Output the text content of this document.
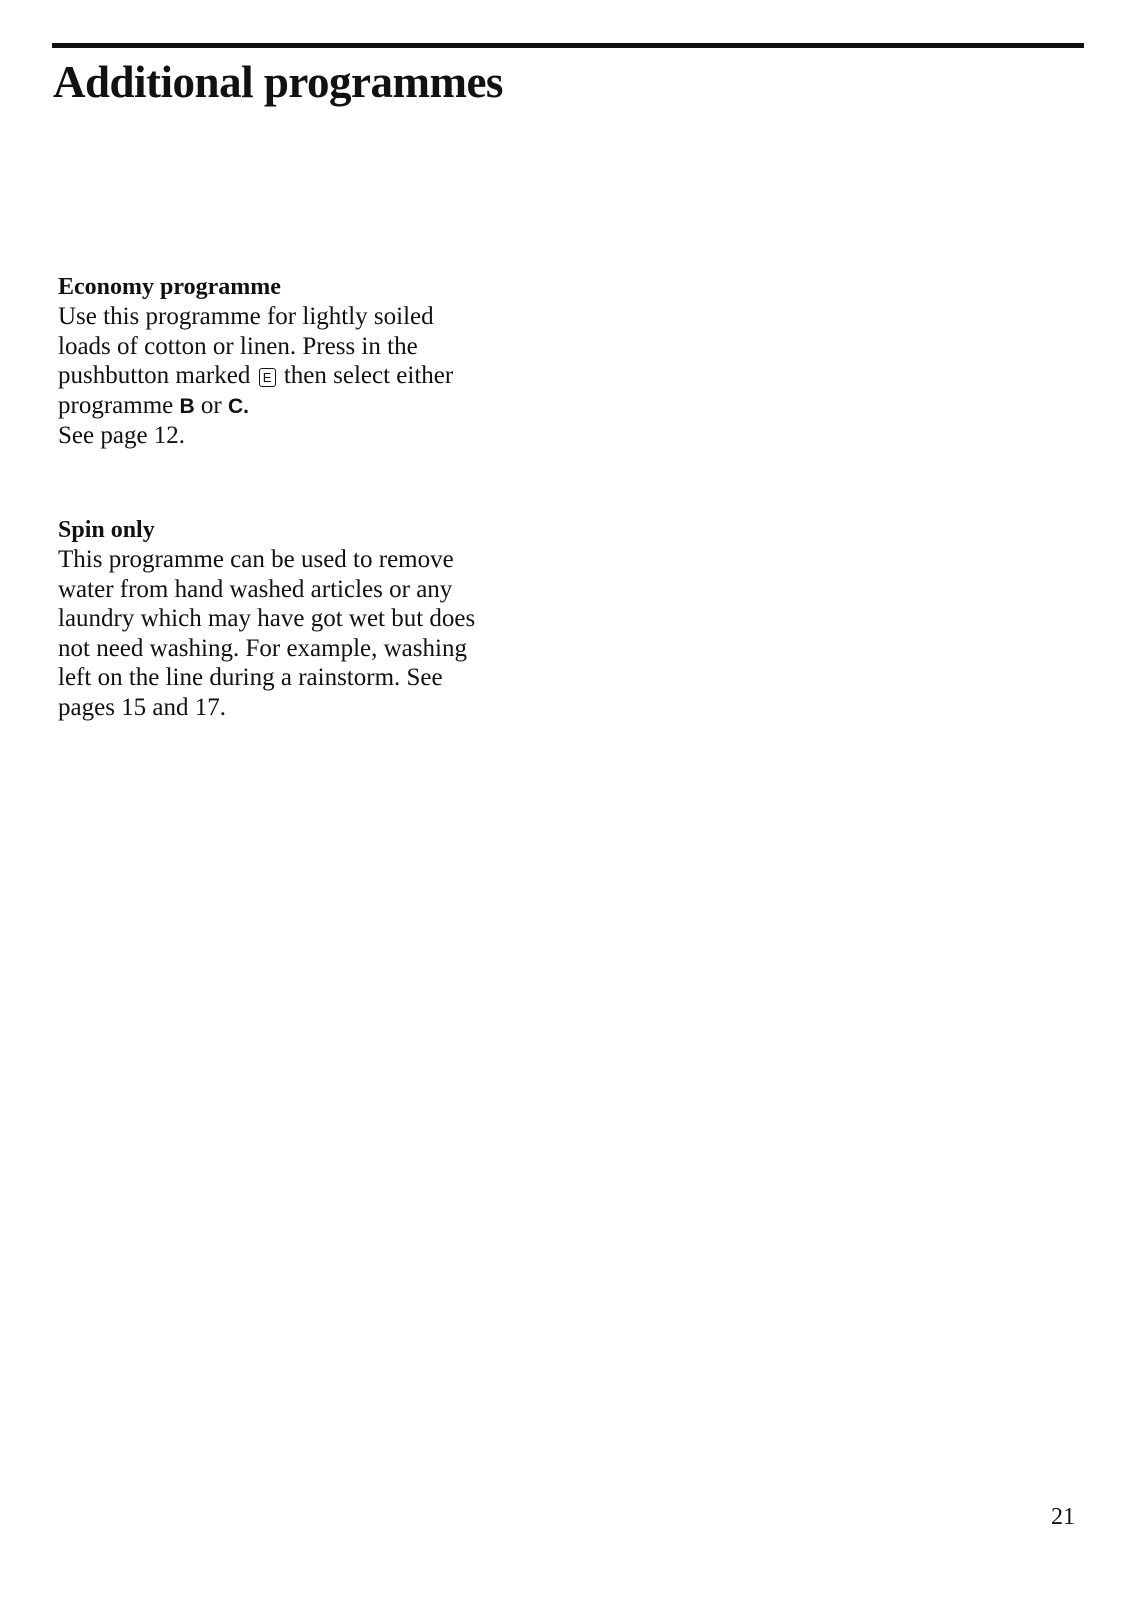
Additional programmes
Economy programme
Use this programme for lightly soiled
loads of cotton or linen. Press in the
pushbutton marked E then select either
programme B or C.
See page 12.
Spin only
This programme can be used to remove
water from hand washed articles or any
laundry which may have got wet but does
not need washing. For example, washing
left on the line during a rainstorm. See
pages 15 and 17.
21
